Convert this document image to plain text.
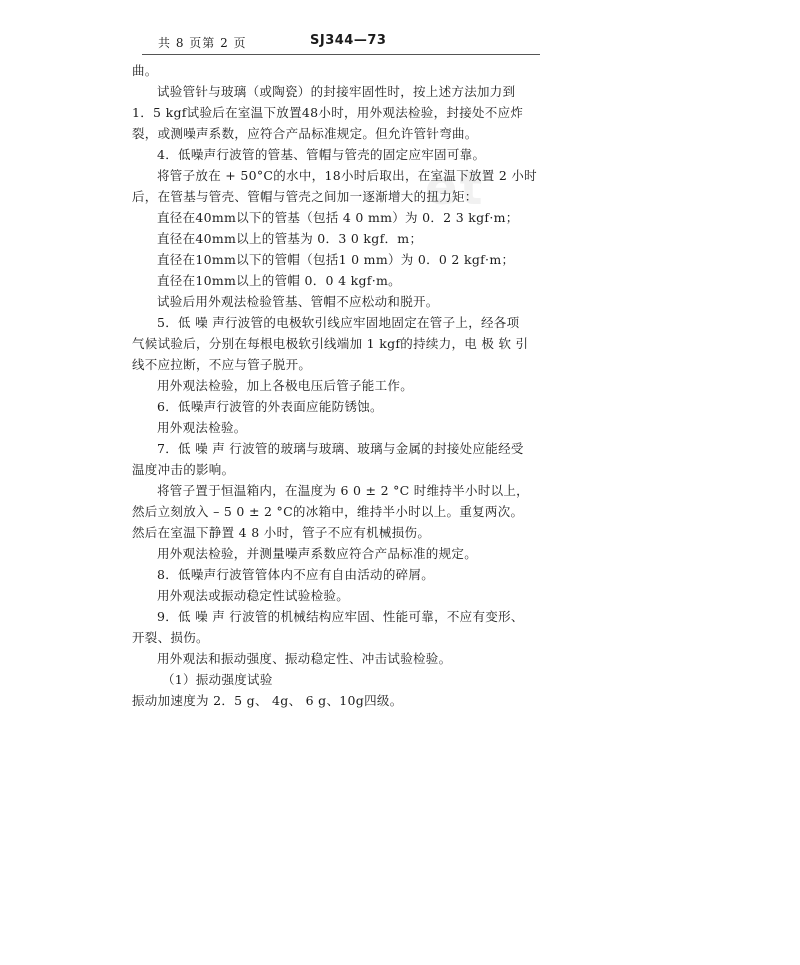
共 8 页第 2 页	SJ344—73
et
曲。
试验管针与玻璃（或陶瓷）的封接牢固性时，按上述方法加力到
1．5 kgf试验后在室温下放置48小时，用外观法检验，封接处不应炸
裂，或测噪声系数，应符合产品标准规定。但允许管针弯曲。
4．低噪声行波管的管基、管帽与管壳的固定应牢固可靠。
将管子放在 + 50°C的水中，18小时后取出，在室温下放置 2 小时
后，在管基与管壳、管帽与管壳之间加一逐渐增大的扭力矩：
直径在40mm以下的管基（包括 4 0 mm）为 0．2 3 kgf·m；
直径在40mm以上的管基为 0．3 0 kgf．m；
直径在10mm以下的管帽（包括1 0 mm）为 0．0 2 kgf·m；
直径在10mm以上的管帽 0．0 4 kgf·m。
试验后用外观法检验管基、管帽不应松动和脱开。
5．低 噪 声行波管的电极软引线应牢固地固定在管子上，经各项
气候试验后，分别在每根电极软引线端加 1 kgf的持续力，电 极 软 引
线不应拉断，不应与管子脱开。
用外观法检验，加上各极电压后管子能工作。
6．低噪声行波管的外表面应能防锈蚀。
用外观法检验。
7．低 噪 声 行波管的玻璃与玻璃、玻璃与金属的封接处应能经受
温度冲击的影响。
将管子置于恒温箱内，在温度为 6 0 ± 2 °C 时维持半小时以上，
然后立刻放入 – 5 0 ± 2 °C的冰箱中，维持半小时以上。重复两次。
然后在室温下静置 4 8 小时，管子不应有机械损伤。
用外观法检验，并测量噪声系数应符合产品标准的规定。
8．低噪声行波管管体内不应有自由活动的碎屑。
用外观法或振动稳定性试验检验。
9．低 噪 声 行波管的机械结构应牢固、性能可靠，不应有变形、
开裂、损伤。
用外观法和振动强度、振动稳定性、冲击试验检验。
（1）振动强度试验
振动加速度为 2．5 g、 4g、 6 g、10g四级。
